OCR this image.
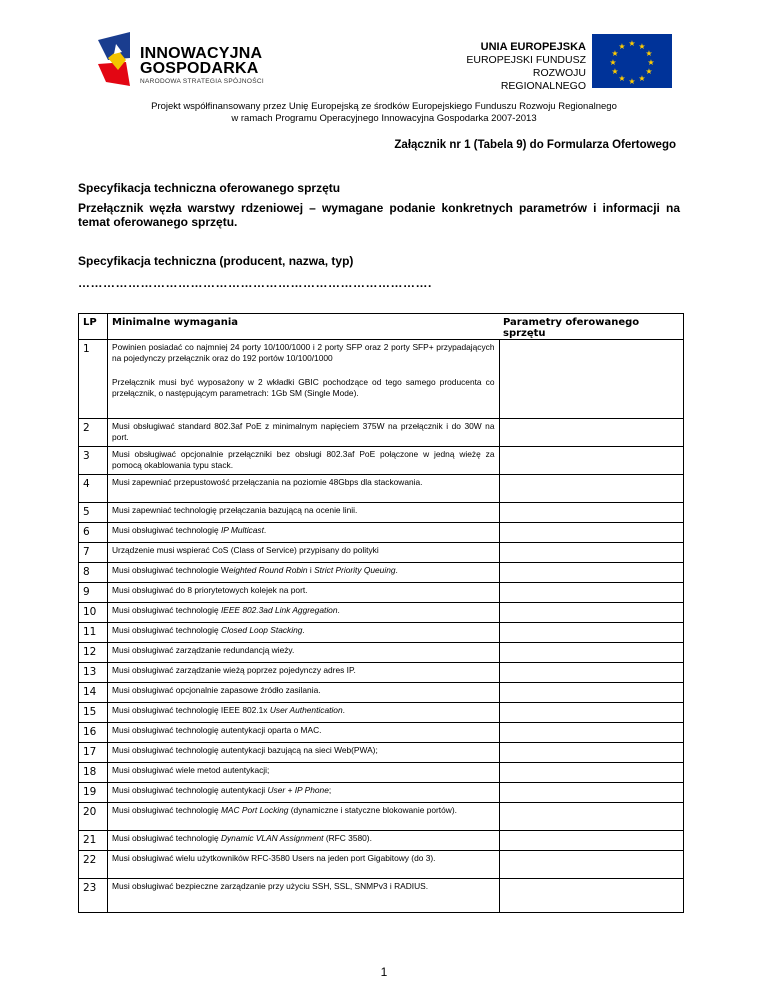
INNOWACYJNA
GOSPODARKA
NARODOWA STRATEGIA SPÓJNOŚCI
UNIA EUROPEJSKA
EUROPEJSKI FUNDUSZ
ROZWOJU REGIONALNEGO
★ ★
★
★
★
★
★
★
★
★
★
★
Projekt współfinansowany przez Unię Europejską ze środków Europejskiego Funduszu Rozwoju Regionalnego
w ramach Programu Operacyjnego Innowacyjna Gospodarka 2007-2013
Załącznik nr 1 (Tabela 9) do Formularza Ofertowego
Specyfikacja techniczna oferowanego sprzętu
Przełącznik węzła warstwy rdzeniowej – wymagane podanie konkretnych parametrów i informacji na temat oferowanego sprzętu.
Specyfikacja techniczna (producent, nazwa, typ)
………………………………………………………………………….
LP	Minimalne wymagania	Parametry oferowanego sprzętu
1	Powinien posiadać co najmniej 24 porty 10/100/1000 i 2 porty SFP oraz 2 porty SFP+ przypadających na pojedynczy przełącznik oraz do 192 portów 10/100/1000	
	Przełącznik musi być wyposażony w 2 wkładki GBIC pochodzące od tego samego producenta co przełącznik, o następującym parametrach: 1Gb SM (Single Mode).	
2	Musi obsługiwać standard 802.3af PoE z minimalnym napięciem 375W na przełącznik i do 30W na port.	
3	Musi obsługiwać opcjonalnie przełączniki bez obsługi 802.3af PoE połączone w jedną wieżę za pomocą okablowania typu stack.	
4	Musi zapewniać przepustowość przełączania na poziomie 48Gbps dla stackowania.	
5	Musi zapewniać technologię przełączania bazującą na ocenie linii.	
6	Musi obsługiwać technologię IP Multicast.	
7	Urządzenie musi wspierać CoS (Class of Service) przypisany do polityki	
8	Musi obsługiwać technologie Weighted Round Robin i Strict Priority Queuing.	
9	Musi obsługiwać do 8 priorytetowych kolejek na port.	
10	Musi obsługiwać technologię IEEE 802.3ad Link Aggregation.	
11	Musi obsługiwać technologię Closed Loop Stacking.	
12	Musi obsługiwać zarządzanie redundancją wieży.	
13	Musi obsługiwać zarządzanie wieżą poprzez pojedynczy adres IP.	
14	Musi obsługiwać opcjonalnie zapasowe źródło zasilania.	
15	Musi obsługiwać technologię IEEE 802.1x User Authentication.	
16	Musi obsługiwać technologię autentykacji oparta o MAC.	
17	Musi obsługiwać technologię autentykacji bazującą na sieci Web(PWA);	
18	Musi obsługiwać wiele metod autentykacji;	
19	Musi obsługiwać technologię autentykacji User + IP Phone;	
20	Musi obsługiwać technologię MAC Port Locking (dynamiczne i statyczne blokowanie portów).	
21	Musi obsługiwać technologię Dynamic VLAN Assignment (RFC 3580).	
22	Musi obsługiwać wielu użytkowników RFC-3580 Users na jeden port Gigabitowy (do 3).	
23	Musi obsługiwać bezpieczne zarządzanie przy użyciu SSH, SSL, SNMPv3 i RADIUS.	
1
